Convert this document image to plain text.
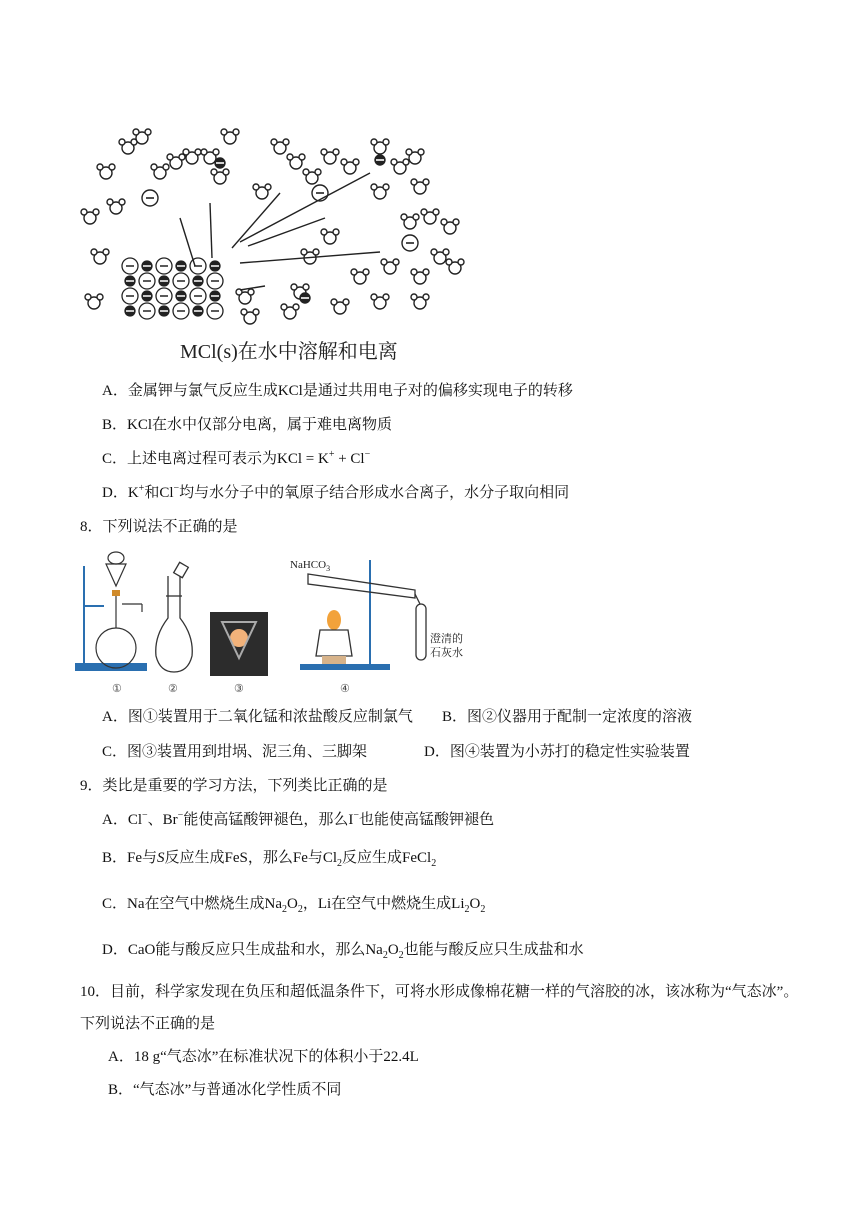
MCl(s)在水中溶解和电离
A．金属钾与氯气反应生成KCl是通过共用电子对的偏移实现电子的转移
B．KCl在水中仅部分电离，属于难电离物质
C．上述电离过程可表示为KCl = K+ + Cl−
D．K+和Cl−均与水分子中的氧原子结合形成水合离子，水分子取向相同
8．下列说法不正确的是
NaHCO$_3$
澄清的
石灰水
①	②	③	④
A．图①装置用于二氧化锰和浓盐酸反应制氯气 B．图②仪器用于配制一定浓度的溶液
C．图③装置用到坩埚、泥三角、三脚架	D．图④装置为小苏打的稳定性实验装置
9．类比是重要的学习方法，下列类比正确的是
A．Cl−、Br−能使高锰酸钾褪色，那么I−也能使高锰酸钾褪色
B．Fe与S反应生成FeS，那么Fe与$Cl_2$反应生成FeCl$_2$
C．Na在空气中燃烧生成$Na_2O_2$，Li在空气中燃烧生成$Li_2O_2$
D．CaO能与酸反应只生成盐和水，那么$Na_2O_2$也能与酸反应只生成盐和水
10．目前，科学家发现在负压和超低温条件下，可将水形成像棉花糖一样的气溶胶的冰，该冰称为“气态冰”。
下列说法不正确的是
A．18 g“气态冰”在标准状况下的体积小于22.4L
B．“气态冰”与普通冰化学性质不同
